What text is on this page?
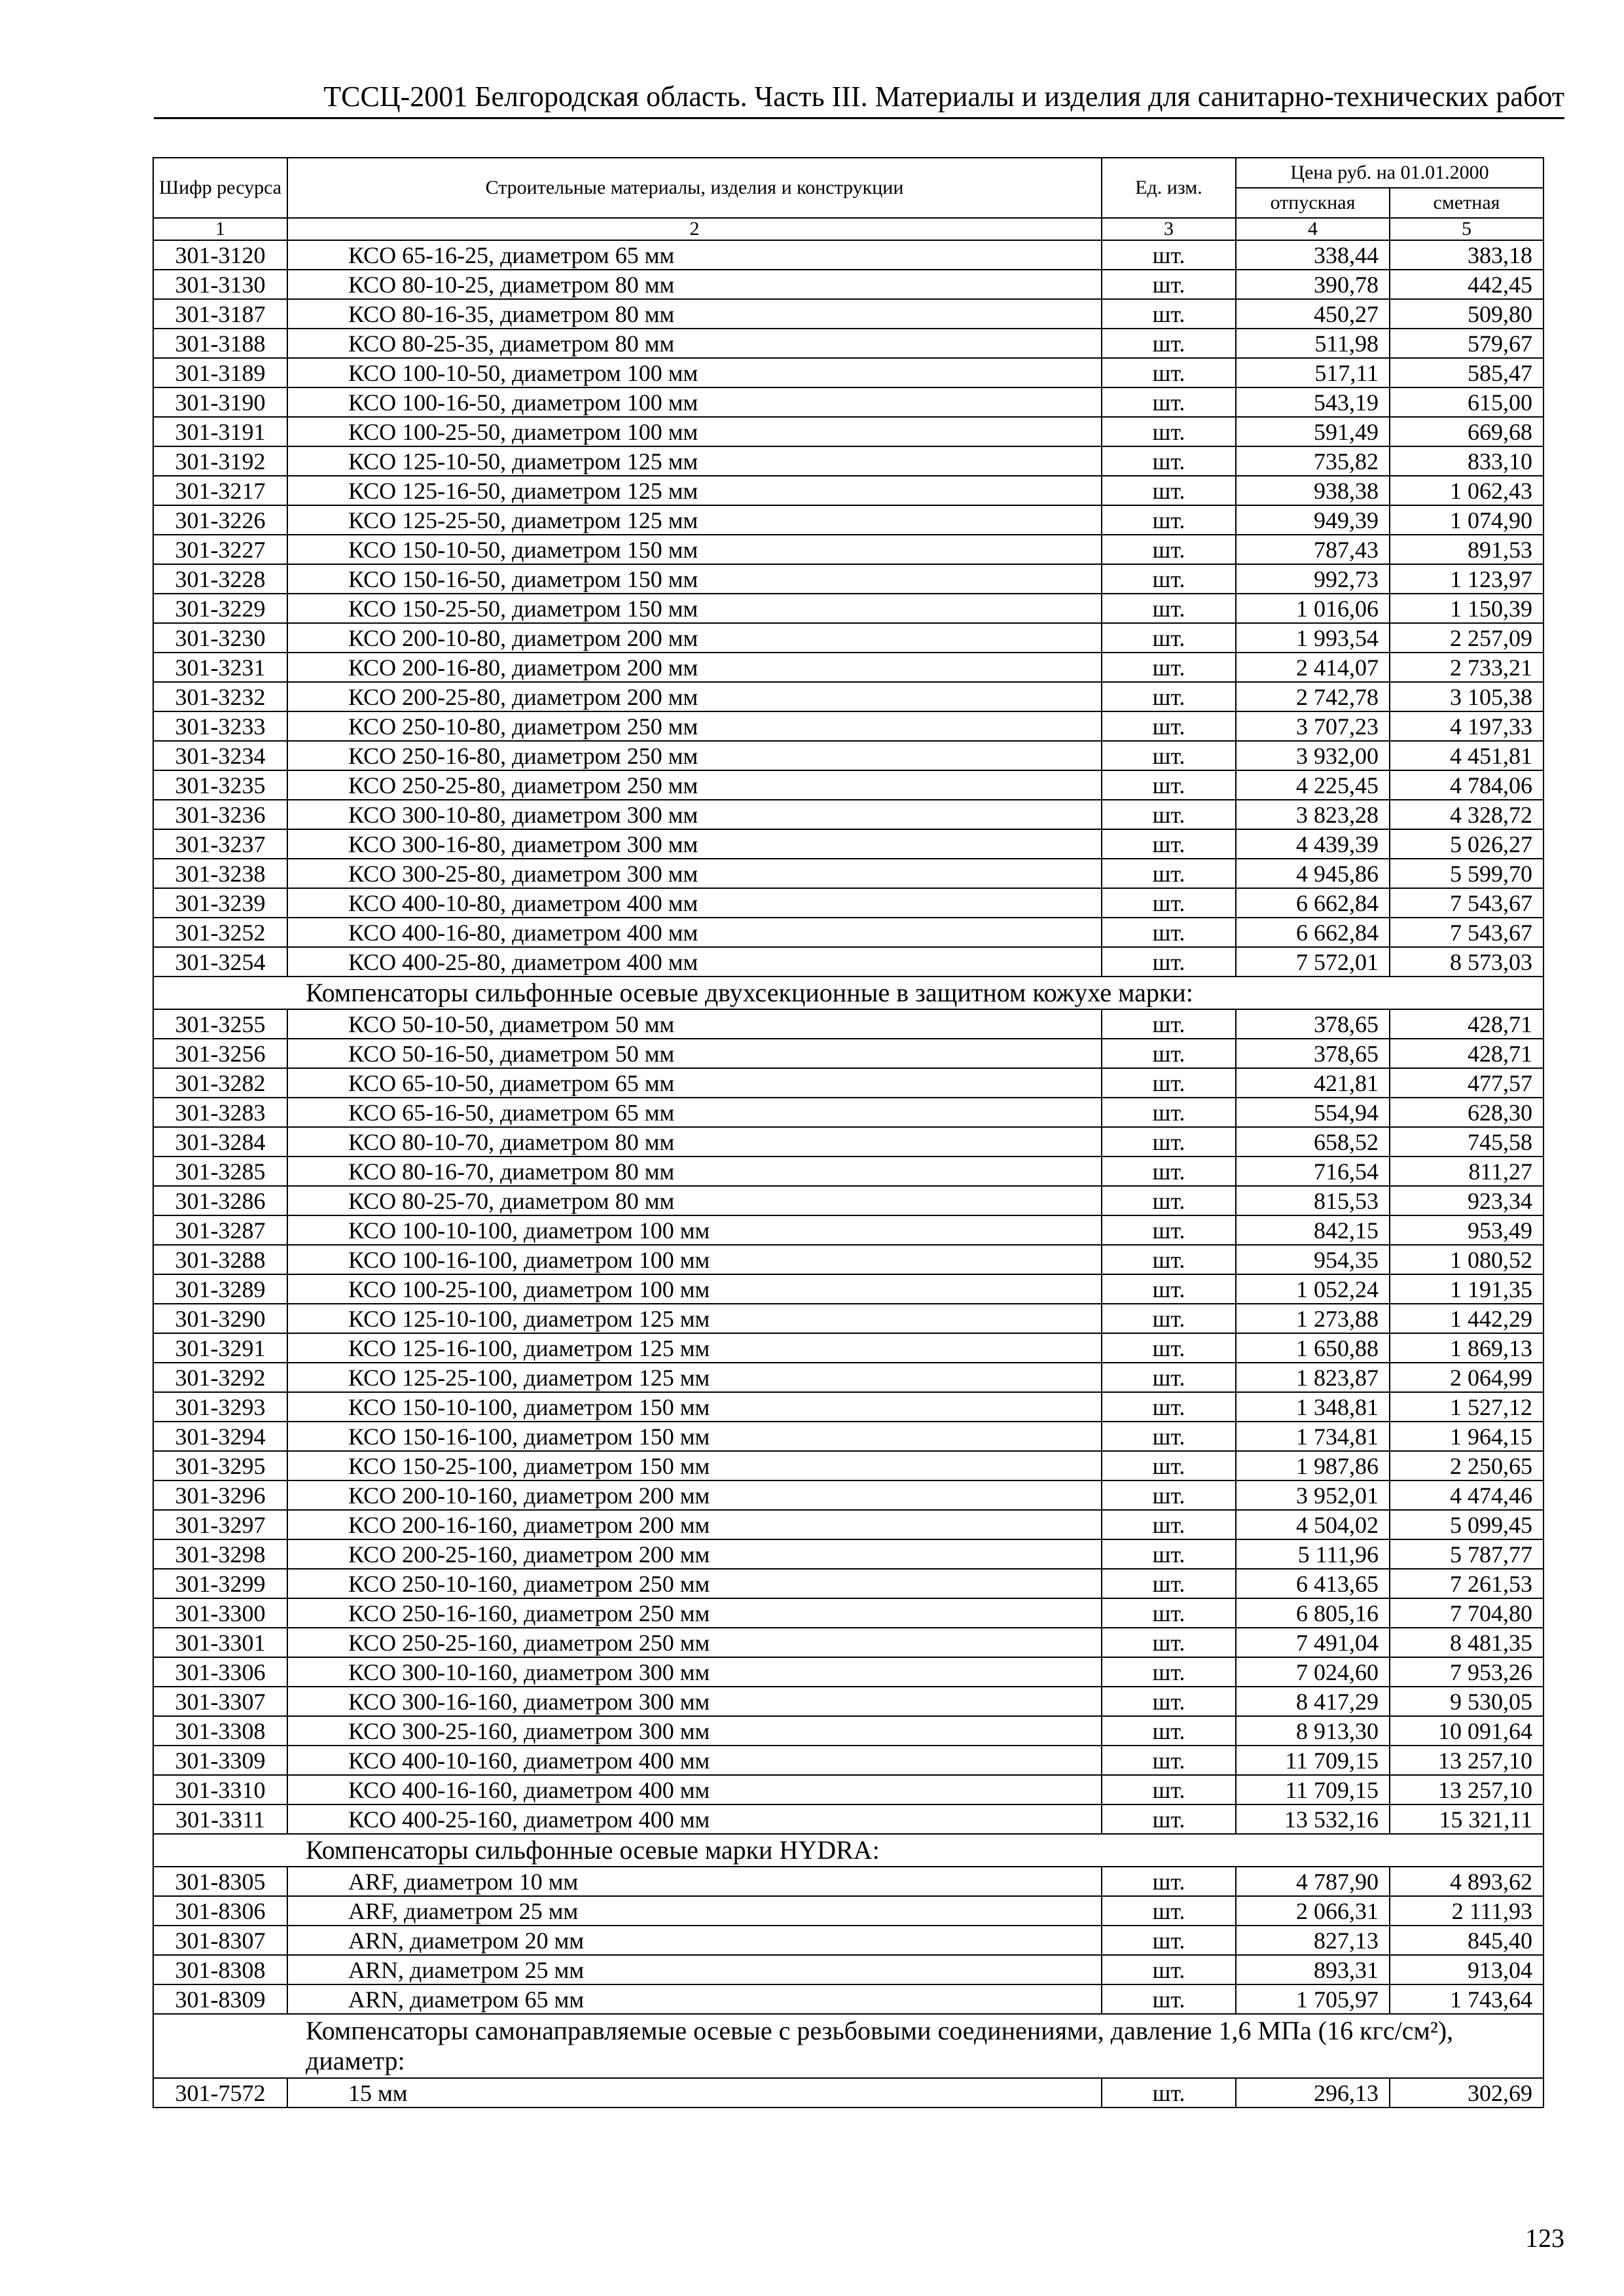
ТССЦ-2001 Белгородская область. Часть III. Материалы и изделия для санитарно-технических работ
Шифр ресурса	Строительные материалы, изделия и конструкции	Ед. изм.	Цена руб. на 01.01.2000	
			отпускная	сметная
1	2	3	4	5
301-3120	КСО 65-16-25, диаметром 65 мм	шт.	338,44	383,18
301-3130	КСО 80-10-25, диаметром 80 мм	шт.	390,78	442,45
301-3187	КСО 80-16-35, диаметром 80 мм	шт.	450,27	509,80
301-3188	КСО 80-25-35, диаметром 80 мм	шт.	511,98	579,67
301-3189	КСО 100-10-50, диаметром 100 мм	шт.	517,11	585,47
301-3190	КСО 100-16-50, диаметром 100 мм	шт.	543,19	615,00
301-3191	КСО 100-25-50, диаметром 100 мм	шт.	591,49	669,68
301-3192	КСО 125-10-50, диаметром 125 мм	шт.	735,82	833,10
301-3217	КСО 125-16-50, диаметром 125 мм	шт.	938,38	1 062,43
301-3226	КСО 125-25-50, диаметром 125 мм	шт.	949,39	1 074,90
301-3227	КСО 150-10-50, диаметром 150 мм	шт.	787,43	891,53
301-3228	КСО 150-16-50, диаметром 150 мм	шт.	992,73	1 123,97
301-3229	КСО 150-25-50, диаметром 150 мм	шт.	1 016,06	1 150,39
301-3230	КСО 200-10-80, диаметром 200 мм	шт.	1 993,54	2 257,09
301-3231	КСО 200-16-80, диаметром 200 мм	шт.	2 414,07	2 733,21
301-3232	КСО 200-25-80, диаметром 200 мм	шт.	2 742,78	3 105,38
301-3233	КСО 250-10-80, диаметром 250 мм	шт.	3 707,23	4 197,33
301-3234	КСО 250-16-80, диаметром 250 мм	шт.	3 932,00	4 451,81
301-3235	КСО 250-25-80, диаметром 250 мм	шт.	4 225,45	4 784,06
301-3236	КСО 300-10-80, диаметром 300 мм	шт.	3 823,28	4 328,72
301-3237	КСО 300-16-80, диаметром 300 мм	шт.	4 439,39	5 026,27
301-3238	КСО 300-25-80, диаметром 300 мм	шт.	4 945,86	5 599,70
301-3239	КСО 400-10-80, диаметром 400 мм	шт.	6 662,84	7 543,67
301-3252	КСО 400-16-80, диаметром 400 мм	шт.	6 662,84	7 543,67
301-3254	КСО 400-25-80, диаметром 400 мм	шт.	7 572,01	8 573,03
Компенсаторы сильфонные осевые двухсекционные в защитном кожухе марки:				
301-3255	КСО 50-10-50, диаметром 50 мм	шт.	378,65	428,71
301-3256	КСО 50-16-50, диаметром 50 мм	шт.	378,65	428,71
301-3282	КСО 65-10-50, диаметром 65 мм	шт.	421,81	477,57
301-3283	КСО 65-16-50, диаметром 65 мм	шт.	554,94	628,30
301-3284	КСО 80-10-70, диаметром 80 мм	шт.	658,52	745,58
301-3285	КСО 80-16-70, диаметром 80 мм	шт.	716,54	811,27
301-3286	КСО 80-25-70, диаметром 80 мм	шт.	815,53	923,34
301-3287	КСО 100-10-100, диаметром 100 мм	шт.	842,15	953,49
301-3288	КСО 100-16-100, диаметром 100 мм	шт.	954,35	1 080,52
301-3289	КСО 100-25-100, диаметром 100 мм	шт.	1 052,24	1 191,35
301-3290	КСО 125-10-100, диаметром 125 мм	шт.	1 273,88	1 442,29
301-3291	КСО 125-16-100, диаметром 125 мм	шт.	1 650,88	1 869,13
301-3292	КСО 125-25-100, диаметром 125 мм	шт.	1 823,87	2 064,99
301-3293	КСО 150-10-100, диаметром 150 мм	шт.	1 348,81	1 527,12
301-3294	КСО 150-16-100, диаметром 150 мм	шт.	1 734,81	1 964,15
301-3295	КСО 150-25-100, диаметром 150 мм	шт.	1 987,86	2 250,65
301-3296	КСО 200-10-160, диаметром 200 мм	шт.	3 952,01	4 474,46
301-3297	КСО 200-16-160, диаметром 200 мм	шт.	4 504,02	5 099,45
301-3298	КСО 200-25-160, диаметром 200 мм	шт.	5 111,96	5 787,77
301-3299	КСО 250-10-160, диаметром 250 мм	шт.	6 413,65	7 261,53
301-3300	КСО 250-16-160, диаметром 250 мм	шт.	6 805,16	7 704,80
301-3301	КСО 250-25-160, диаметром 250 мм	шт.	7 491,04	8 481,35
301-3306	КСО 300-10-160, диаметром 300 мм	шт.	7 024,60	7 953,26
301-3307	КСО 300-16-160, диаметром 300 мм	шт.	8 417,29	9 530,05
301-3308	КСО 300-25-160, диаметром 300 мм	шт.	8 913,30	10 091,64
301-3309	КСО 400-10-160, диаметром 400 мм	шт.	11 709,15	13 257,10
301-3310	КСО 400-16-160, диаметром 400 мм	шт.	11 709,15	13 257,10
301-3311	КСО 400-25-160, диаметром 400 мм	шт.	13 532,16	15 321,11
Компенсаторы сильфонные осевые марки HYDRA:				
301-8305	ARF, диаметром 10 мм	шт.	4 787,90	4 893,62
301-8306	ARF, диаметром 25 мм	шт.	2 066,31	2 111,93
301-8307	ARN, диаметром 20 мм	шт.	827,13	845,40
301-8308	ARN, диаметром 25 мм	шт.	893,31	913,04
301-8309	ARN, диаметром 65 мм	шт.	1 705,97	1 743,64
Компенсаторы самонаправляемые осевые с резьбовыми соединениями, давление 1,6 МПа (16 кгс/см²), диаметр:				
301-7572	15 мм	шт.	296,13	302,69
123
